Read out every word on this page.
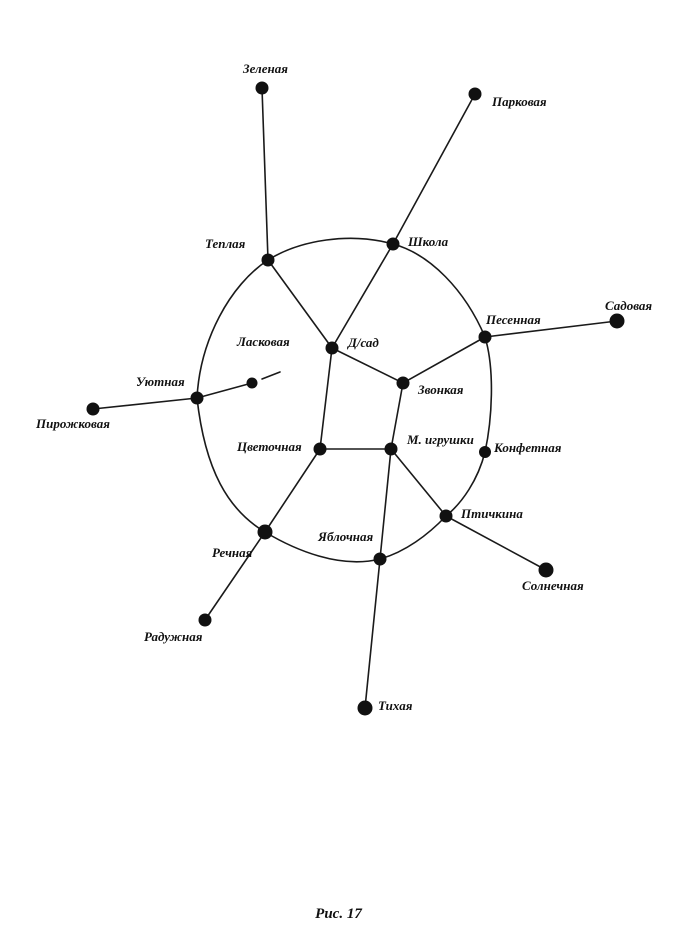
Зеленая
Парковая
Теплая	Школа
Садовая
Песенная
Ласковая	Д/сад
Звонкая
Уютная
Пирожковая
Цветочная	М. игрушки
Конфетная
Птичкина
Яблочная
Речная
Солнечная
Радужная
Тихая
Рис. 17
